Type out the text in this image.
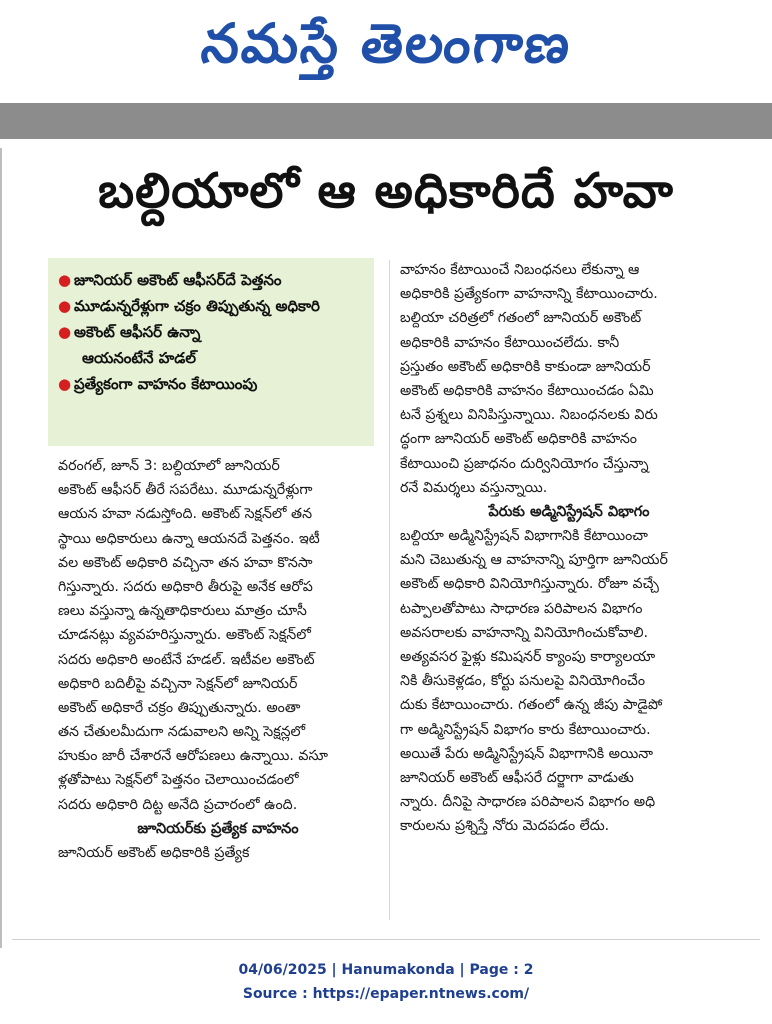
నమస్తే తెలంగాణ
బల్దియాలో ఆ అధికారిదే హవా
● జూనియర్ అకౌంట్ ఆఫీసర్‌దే పెత్తనం
● మూడున్నరేళ్లుగా చక్రం తిప్పుతున్న అధికారి
● అకౌంట్ ఆఫీసర్ ఉన్నా
ఆయనంటేనే హడల్
● ప్రత్యేకంగా వాహనం కేటాయింపు
వరంగల్, జూన్ 3: బల్దియాలో జూనియర్
అకౌంట్ ఆఫీసర్ తీరే సపరేటు. మూడున్నరేళ్లుగా
ఆయన హవా నడుస్తోంది. అకౌంట్ సెక్షన్‌లో తన
స్థాయి అధికారులు ఉన్నా ఆయనదే పెత్తనం. ఇటీ
వల అకౌంట్ అధికారి వచ్చినా తన హవా కొనసా
గిస్తున్నారు. సదరు అధికారి తీరుపై అనేక ఆరోప
ణలు వస్తున్నా ఉన్నతాధికారులు మాత్రం చూసీ
చూడనట్లు వ్యవహరిస్తున్నారు. అకౌంట్ సెక్షన్‌లో
సదరు అధికారి అంటేనే హడల్. ఇటీవల అకౌంట్
అధికారి బదిలీపై వచ్చినా సెక్షన్‌లో జూనియర్
అకౌంట్ అధికారే చక్రం తిప్పుతున్నారు. అంతా
తన చేతులమీదుగా నడువాలని అన్ని సెక్షన్లలో
హుకుం జారీ చేశారనే ఆరోపణలు ఉన్నాయి. వసూ
ళ్లతోపాటు సెక్షన్‌లో పెత్తనం చెలాయించడంలో
సదరు అధికారి దిట్ట అనేది ప్రచారంలో ఉంది.
జూనియర్‌కు ప్రత్యేక వాహనం
జూనియర్ అకౌంట్ అధికారికి ప్రత్యేక
వాహనం కేటాయించే నిబంధనలు లేకున్నా ఆ
అధికారికి ప్రత్యేకంగా వాహనాన్ని కేటాయించారు.
బల్దియా చరిత్రలో గతంలో జూనియర్ అకౌంట్
అధికారికి వాహనం కేటాయించలేదు. కానీ
ప్రస్తుతం అకౌంట్ అధికారికి కాకుండా జూనియర్
అకౌంట్ అధికారికి వాహనం కేటాయించడం ఏమి
టనే ప్రశ్నలు వినిపిస్తున్నాయి. నిబంధనలకు విరు
ద్ధంగా జూనియర్ అకౌంట్ అధికారికి వాహనం
కేటాయించి ప్రజాధనం దుర్వినియోగం చేస్తున్నా
రనే విమర్శలు వస్తున్నాయి.
పేరుకు అడ్మినిస్ట్రేషన్ విభాగం
బల్దియా అడ్మినిస్ట్రేషన్ విభాగానికి కేటాయించా
మని చెబుతున్న ఆ వాహనాన్ని పూర్తిగా జూనియర్
అకౌంట్ అధికారి వినియోగిస్తున్నారు. రోజూ వచ్చే
టప్పాలతోపాటు సాధారణ పరిపాలన విభాగం
అవసరాలకు వాహనాన్ని వినియోగించుకోవాలి.
అత్యవసర ఫైళ్లు కమిషనర్ క్యాంపు కార్యాలయా
నికి తీసుకెళ్లడం, కోర్టు పనులపై వినియోగించేం
దుకు కేటాయించారు. గతంలో ఉన్న జీపు పాడైపో
గా అడ్మినిస్ట్రేషన్ విభాగం కారు కేటాయించారు.
అయితే పేరు అడ్మినిస్ట్రేషన్ విభాగానికి అయినా
జూనియర్ అకౌంట్ ఆఫీసరే దర్జాగా వాడుతు
న్నారు. దీనిపై సాధారణ పరిపాలన విభాగం అధి
కారులను ప్రశ్నిస్తే నోరు మెదపడం లేదు.
04/06/2025 | Hanumakonda | Page : 2
Source : https://epaper.ntnews.com/
